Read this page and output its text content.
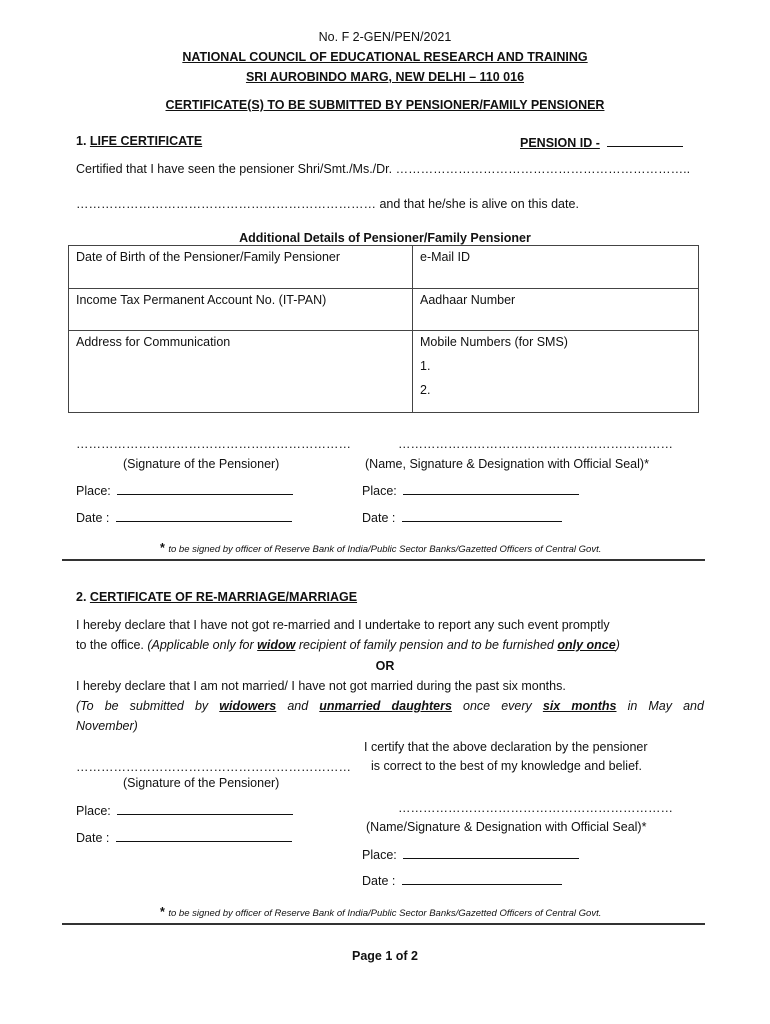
No. F 2-GEN/PEN/2021
NATIONAL COUNCIL OF EDUCATIONAL RESEARCH AND TRAINING
SRI AUROBINDO MARG, NEW DELHI – 110 016
CERTIFICATE(S) TO BE SUBMITTED BY PENSIONER/FAMILY PENSIONER
1. LIFE CERTIFICATE	PENSION ID -
Certified that I have seen the pensioner Shri/Smt./Ms./Dr. ……………………………………………………………..
……………………………………………………………… and that he/she is alive on this date.
Additional Details of Pensioner/Family Pensioner
Date of Birth of the Pensioner/Family Pensioner	e-Mail ID
Income Tax Permanent Account No. (IT-PAN)	Aadhaar Number
Address for Communication	Mobile Numbers (for SMS)
1.
2.
…………………………………………………………	…………………………………………………………
(Signature of the Pensioner)	(Name, Signature & Designation with Official Seal)*
Place:	Place:
Date :	Date :
* to be signed by officer of Reserve Bank of India/Public Sector Banks/Gazetted Officers of Central Govt.
2. CERTIFICATE OF RE-MARRIAGE/MARRIAGE
I hereby declare that I have not got re-married and I undertake to report any such event promptly
to the office. (Applicable only for widow recipient of family pension and to be furnished only once)
OR
I hereby declare that I am not married/ I have not got married during the past six months.
(To be submitted by widowers and unmarried daughters once every six months in May and
November)
I certify that the above declaration by the pensioner
is correct to the best of my knowledge and belief.
…………………………………………………………
(Signature of the Pensioner)
Place:	…………………………………………………………
(Name/Signature & Designation with Official Seal)*
Date :
Place:
Date :
* to be signed by officer of Reserve Bank of India/Public Sector Banks/Gazetted Officers of Central Govt.
Page 1 of 2
